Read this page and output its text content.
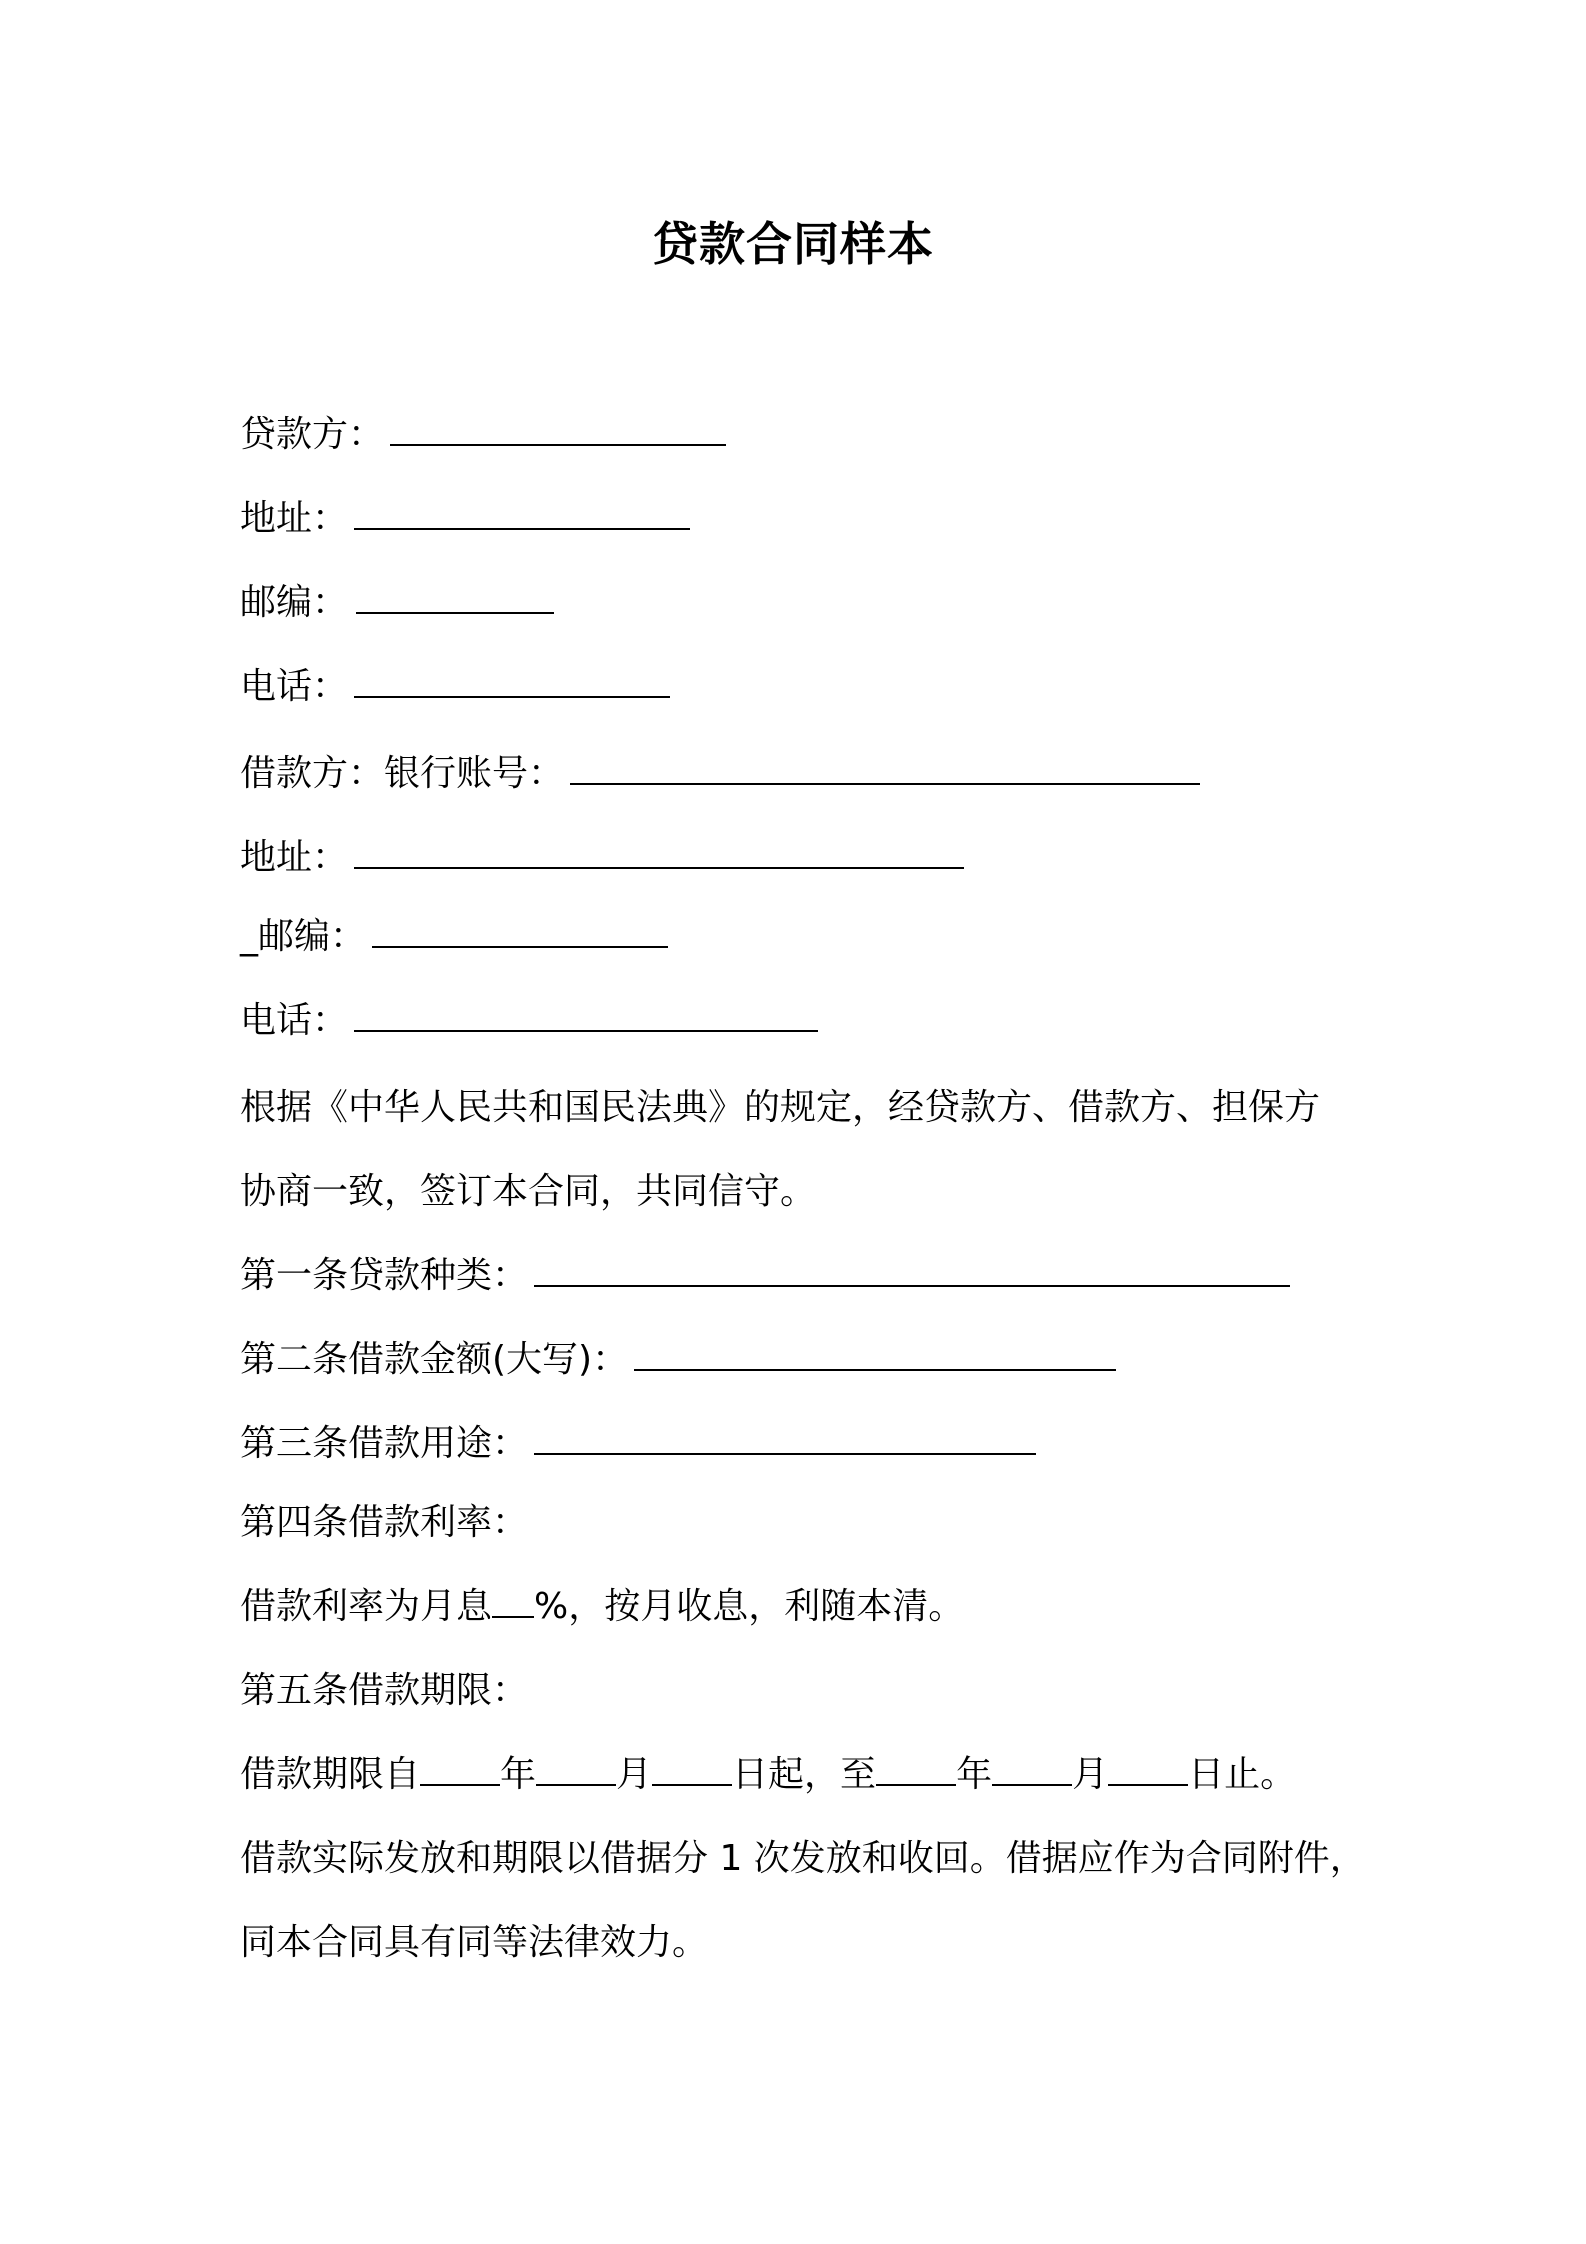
贷款合同样本
贷款方：
地址：
邮编：
电话：
借款方：银行账号：
地址：
_邮编：
电话：
根据《中华人民共和国民法典》的规定，经贷款方、借款方、担保方
协商一致，签订本合同，共同信守。
第一条贷款种类：
第二条借款金额(大写)：
第三条借款用途：
第四条借款利率：
借款利率为月息 %，按月收息，利随本清。
第五条借款期限：
借款期限自 年 月 日起，至 年 月 日止。
借款实际发放和期限以借据分 1 次发放和收回。借据应作为合同附件，
同本合同具有同等法律效力。
